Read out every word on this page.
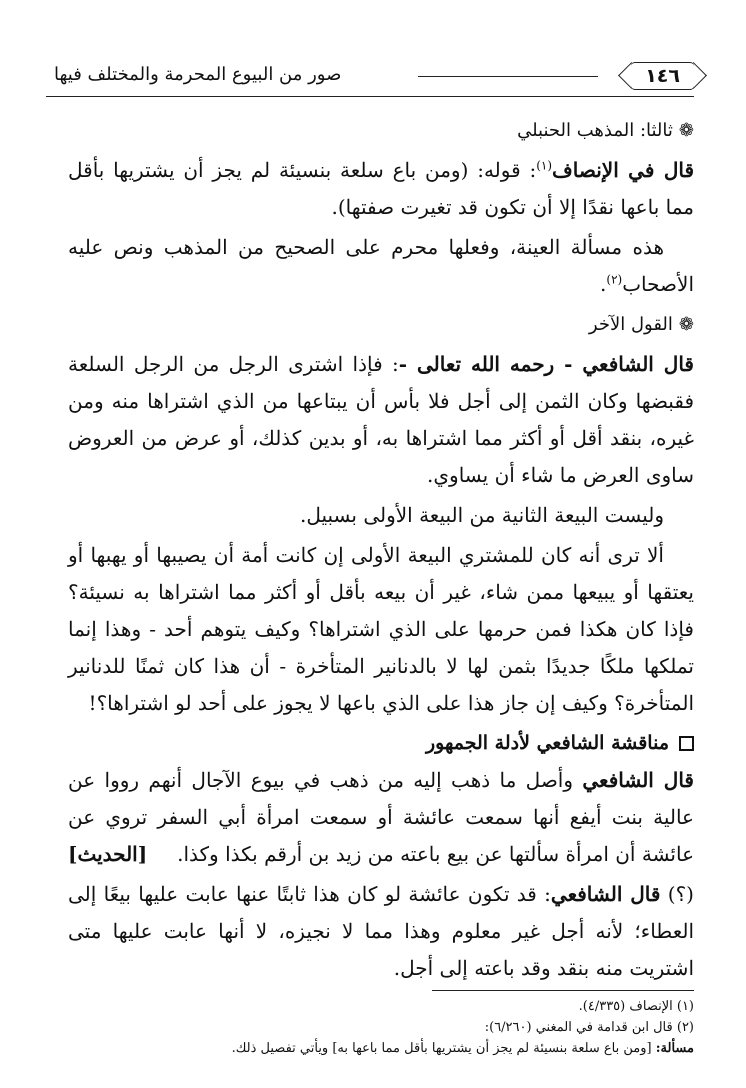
١٤٦
صور من البيوع المحرمة والمختلف فيها

❁ثالثا: المذهب الحنبلي

قال في الإنصاف$^{(١)}$: قوله: (ومن باع سلعة بنسيئة لم يجز أن يشتريها بأقل مما باعها نقدًا إلا أن تكون قد تغيرت صفتها).

هذه مسألة العينة، وفعلها محرم على الصحيح من المذهب ونص عليه الأصحاب$^{(٢)}$.

❁القول الآخر

قال الشافعي - رحمه الله تعالى -: فإذا اشترى الرجل من الرجل السلعة فقبضها وكان الثمن إلى أجل فلا بأس أن يبتاعها من الذي اشتراها منه ومن غيره، بنقد أقل أو أكثر مما اشتراها به، أو بدين كذلك، أو عرض من العروض ساوى العرض ما شاء أن يساوي.

وليست البيعة الثانية من البيعة الأولى بسبيل.

ألا ترى أنه كان للمشتري البيعة الأولى إن كانت أمة أن يصيبها أو يهبها أو يعتقها أو يبيعها ممن شاء، غير أن بيعه بأقل أو أكثر مما اشتراها به نسيئة؟ فإذا كان هكذا فمن حرمها على الذي اشتراها؟ وكيف يتوهم أحد - وهذا إنما تملكها ملكًا جديدًا بثمن لها لا بالدنانير المتأخرة - أن هذا كان ثمنًا للدنانير المتأخرة؟ وكيف إن جاز هذا على الذي باعها لا يجوز على أحد لو اشتراها؟!

مناقشة الشافعي لأدلة الجمهور

قال الشافعي وأصل ما ذهب إليه من ذهب في بيوع الآجال أنهم رووا عن عالية بنت أيفع أنها سمعت عائشة أو سمعت امرأة أبي السفر تروي عن عائشة أن امرأة سألتها عن بيع باعته من زيد بن أرقم بكذا وكذا.
[الحديث]

(؟) قال الشافعي: قد تكون عائشة لو كان هذا ثابتًا عنها عابت عليها بيعًا إلى العطاء؛ لأنه أجل غير معلوم وهذا مما لا نجيزه، لا أنها عابت عليها متى اشتريت منه بنقد وقد باعته إلى أجل.

(١) الإنصاف (٤/٣٣٥).

(٢) قال ابن قدامة في المغني (٦/٢٦٠):

مسألة: [ومن باع سلعة بنسيئة لم يجز أن يشتريها بأقل مما باعها به] ويأتي تفصيل ذلك.
